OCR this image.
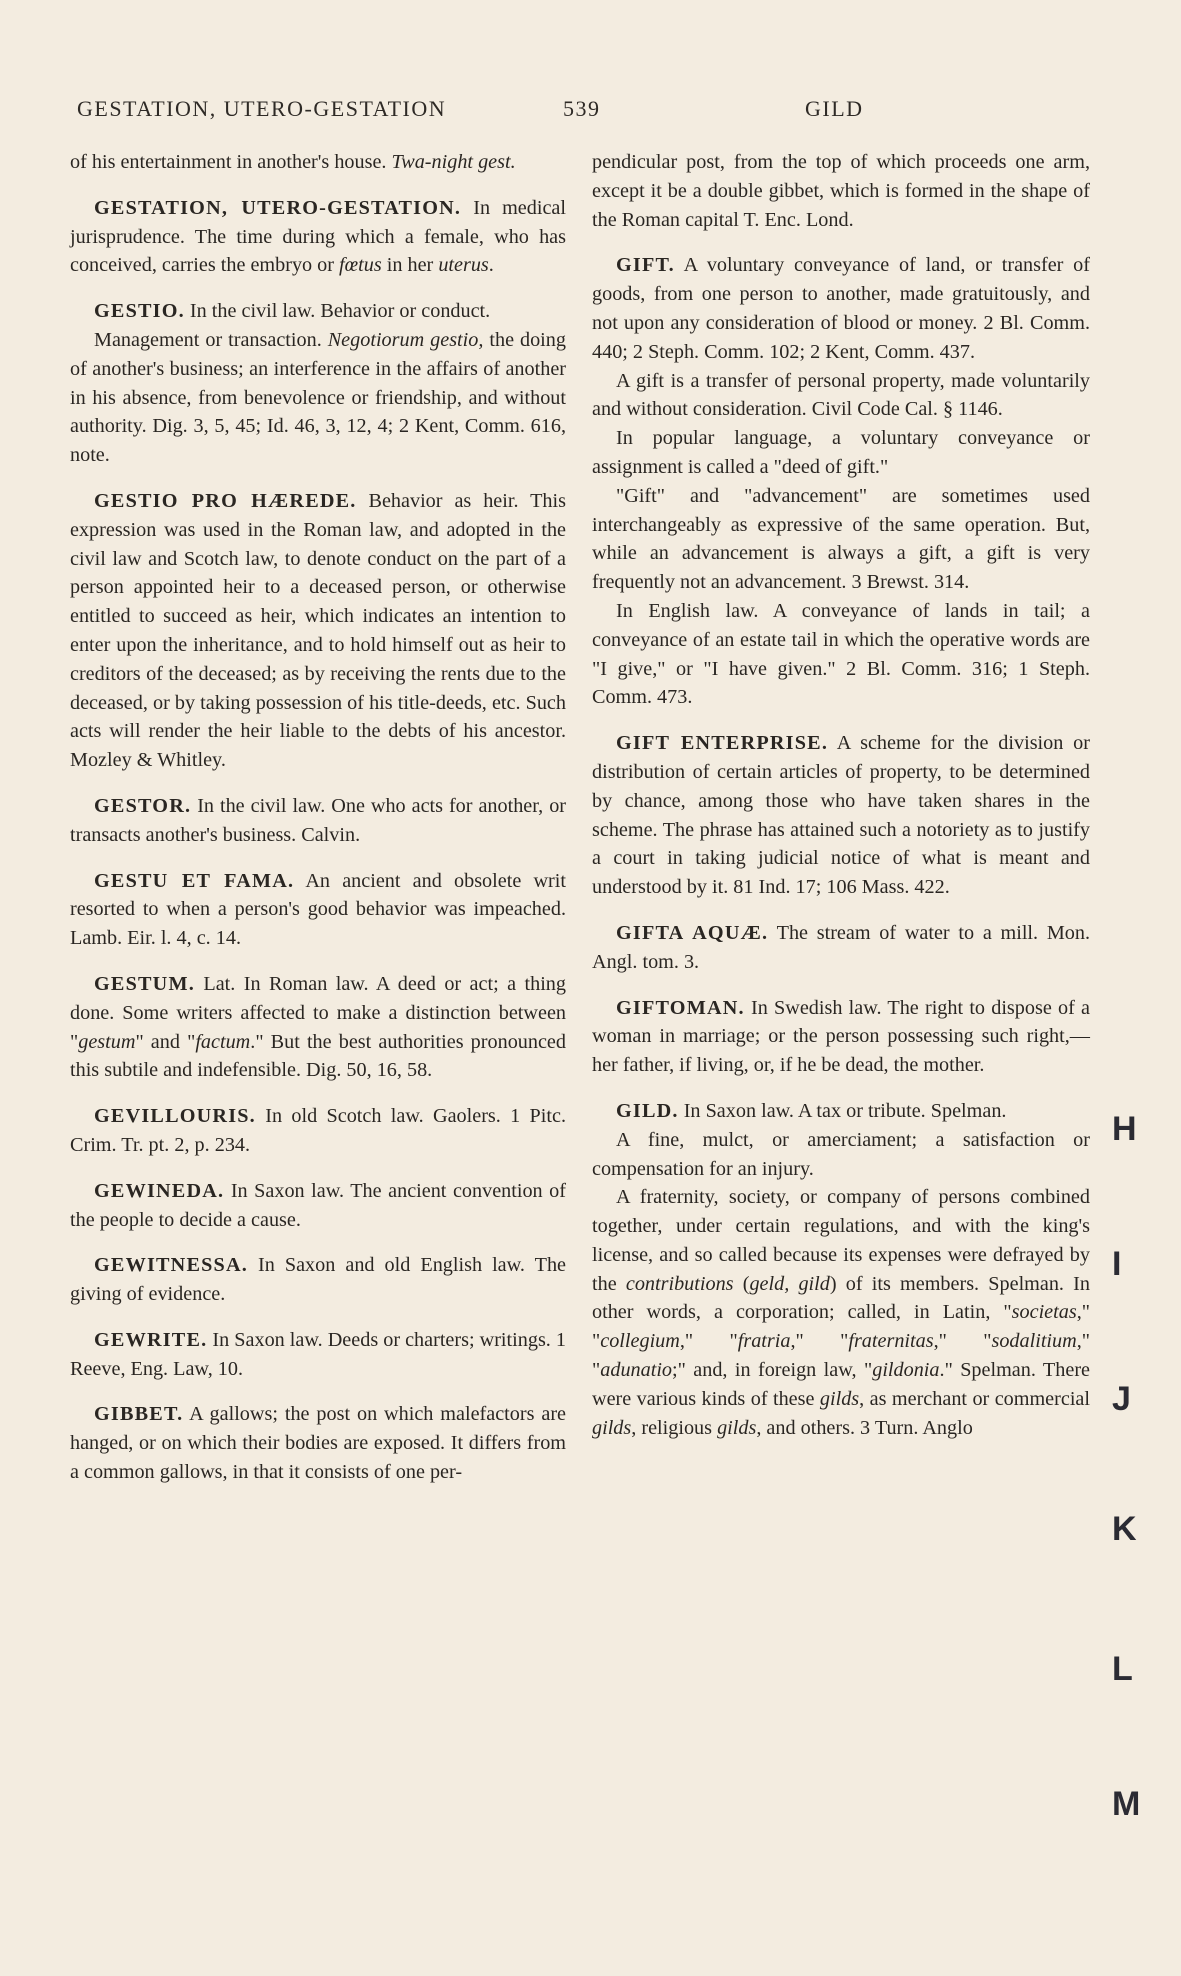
GESTATION, UTERO-GESTATION	539	GILD

of his entertainment in another's house. Twa-night gest.

GESTATION, UTERO-GESTATION. In medical jurisprudence. The time during which a female, who has conceived, carries the embryo or fœtus in her uterus.

GESTIO. In the civil law. Behavior or conduct.

Management or transaction. Negotiorum gestio, the doing of another's business; an interference in the affairs of another in his absence, from benevolence or friendship, and without authority. Dig. 3, 5, 45; Id. 46, 3, 12, 4; 2 Kent, Comm. 616, note.

GESTIO PRO HÆREDE. Behavior as heir. This expression was used in the Roman law, and adopted in the civil law and Scotch law, to denote conduct on the part of a person appointed heir to a deceased person, or otherwise entitled to succeed as heir, which indicates an intention to enter upon the inheritance, and to hold himself out as heir to creditors of the deceased; as by receiving the rents due to the deceased, or by taking possession of his title-deeds, etc. Such acts will render the heir liable to the debts of his ancestor. Mozley & Whitley.

GESTOR. In the civil law. One who acts for another, or transacts another's business. Calvin.

GESTU ET FAMA. An ancient and obsolete writ resorted to when a person's good behavior was impeached. Lamb. Eir. l. 4, c. 14.

GESTUM. Lat. In Roman law. A deed or act; a thing done. Some writers affected to make a distinction between "gestum" and "factum." But the best authorities pronounced this subtile and indefensible. Dig. 50, 16, 58.

GEVILLOURIS. In old Scotch law. Gaolers. 1 Pitc. Crim. Tr. pt. 2, p. 234.

GEWINEDA. In Saxon law. The ancient convention of the people to decide a cause.

GEWITNESSA. In Saxon and old English law. The giving of evidence.

GEWRITE. In Saxon law. Deeds or charters; writings. 1 Reeve, Eng. Law, 10.

GIBBET. A gallows; the post on which malefactors are hanged, or on which their bodies are exposed. It differs from a common gallows, in that it consists of one per-

pendicular post, from the top of which proceeds one arm, except it be a double gibbet, which is formed in the shape of the Roman capital T. Enc. Lond.

GIFT. A voluntary conveyance of land, or transfer of goods, from one person to another, made gratuitously, and not upon any consideration of blood or money. 2 Bl. Comm. 440; 2 Steph. Comm. 102; 2 Kent, Comm. 437.

A gift is a transfer of personal property, made voluntarily and without consideration. Civil Code Cal. § 1146.

In popular language, a voluntary conveyance or assignment is called a "deed of gift."

"Gift" and "advancement" are sometimes used interchangeably as expressive of the same operation. But, while an advancement is always a gift, a gift is very frequently not an advancement. 3 Brewst. 314.

In English law. A conveyance of lands in tail; a conveyance of an estate tail in which the operative words are "I give," or "I have given." 2 Bl. Comm. 316; 1 Steph. Comm. 473.

GIFT ENTERPRISE. A scheme for the division or distribution of certain articles of property, to be determined by chance, among those who have taken shares in the scheme. The phrase has attained such a notoriety as to justify a court in taking judicial notice of what is meant and understood by it. 81 Ind. 17; 106 Mass. 422.

GIFTA AQUÆ. The stream of water to a mill. Mon. Angl. tom. 3.

GIFTOMAN. In Swedish law. The right to dispose of a woman in marriage; or the person possessing such right,—her father, if living, or, if he be dead, the mother.

GILD. In Saxon law. A tax or tribute. Spelman.

A fine, mulct, or amerciament; a satisfaction or compensation for an injury.

A fraternity, society, or company of persons combined together, under certain regulations, and with the king's license, and so called because its expenses were defrayed by the contributions (geld, gild) of its members. Spelman. In other words, a corporation; called, in Latin, "societas," "collegium," "fratria," "fraternitas," "sodalitium," "adunatio;" and, in foreign law, "gildonia." Spelman. There were various kinds of these gilds, as merchant or commercial gilds, religious gilds, and others. 3 Turn. Anglo

H
I
J
K
L
M
